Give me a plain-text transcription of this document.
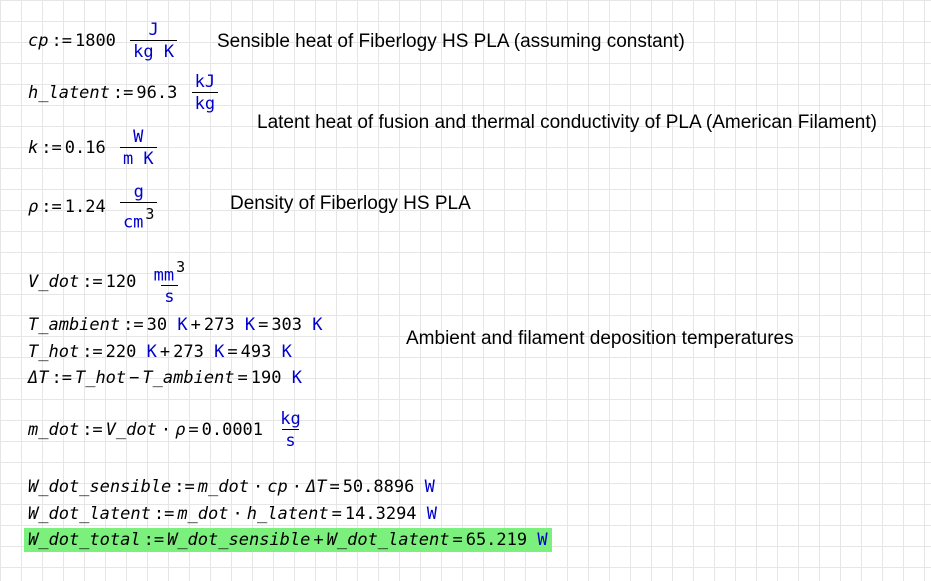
cp := $1800 \frac{J}{\text{kg K}}$ Sensible heat of Fiberlogy HS PLA (assuming constant)
h_latent := $96.3 \frac{kJ}{kg}$
Latent heat of fusion and thermal conductivity of PLA (American Filament)
k := $0.16 \frac{W}{\text{m K}}$
ρ := $1.24 \frac{g}{cm 3}$	Density of Fiberlogy HS PLA
V_dot := $120 \frac{mm 3}{s}$
T_ambient := 30 K + 273 K = 303 K
T_hot := 220 K + 273 K = 493 K
Ambient and filament deposition temperatures
ΔT := T_hot − T_ambient = 190 K
m_dot := V_dot · $\rho = 0.0001 \frac{kg}{s}$
W_dot_sensible := m_dot · cp · ΔT = 50.8896 W
W_dot_latent := m_dot · h_latent = 14.3294 W
W_dot_total := W_dot_sensible + W_dot_latent = 65.219 W
